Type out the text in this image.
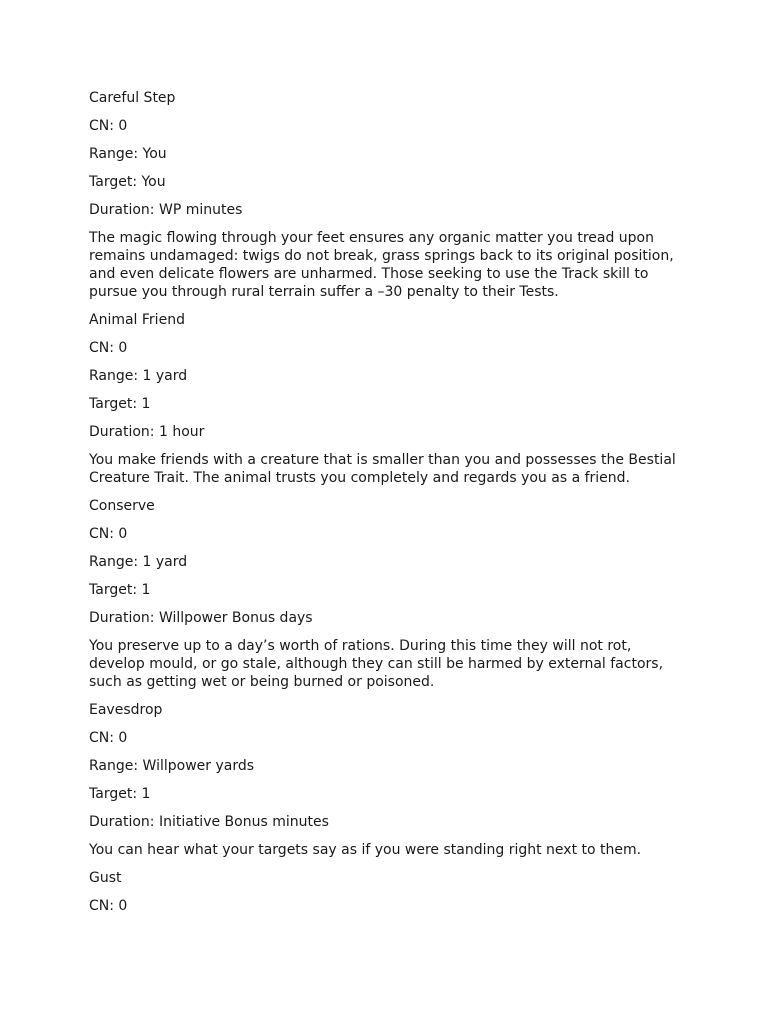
Careful Step

CN: 0

Range: You

Target: You

Duration: WP minutes

The magic flowing through your feet ensures any organic matter you tread upon remains undamaged: twigs do not break, grass springs back to its original position, and even delicate flowers are unharmed. Those seeking to use the Track skill to pursue you through rural terrain suffer a –30 penalty to their Tests.

Animal Friend

CN: 0

Range: 1 yard

Target: 1

Duration: 1 hour

You make friends with a creature that is smaller than you and possesses the Bestial Creature Trait. The animal trusts you completely and regards you as a friend.

Conserve

CN: 0

Range: 1 yard

Target: 1

Duration: Willpower Bonus days

You preserve up to a day’s worth of rations. During this time they will not rot, develop mould, or go stale, although they can still be harmed by external factors, such as getting wet or being burned or poisoned.

Eavesdrop

CN: 0

Range: Willpower yards

Target: 1

Duration: Initiative Bonus minutes

You can hear what your targets say as if you were standing right next to them.

Gust

CN: 0
